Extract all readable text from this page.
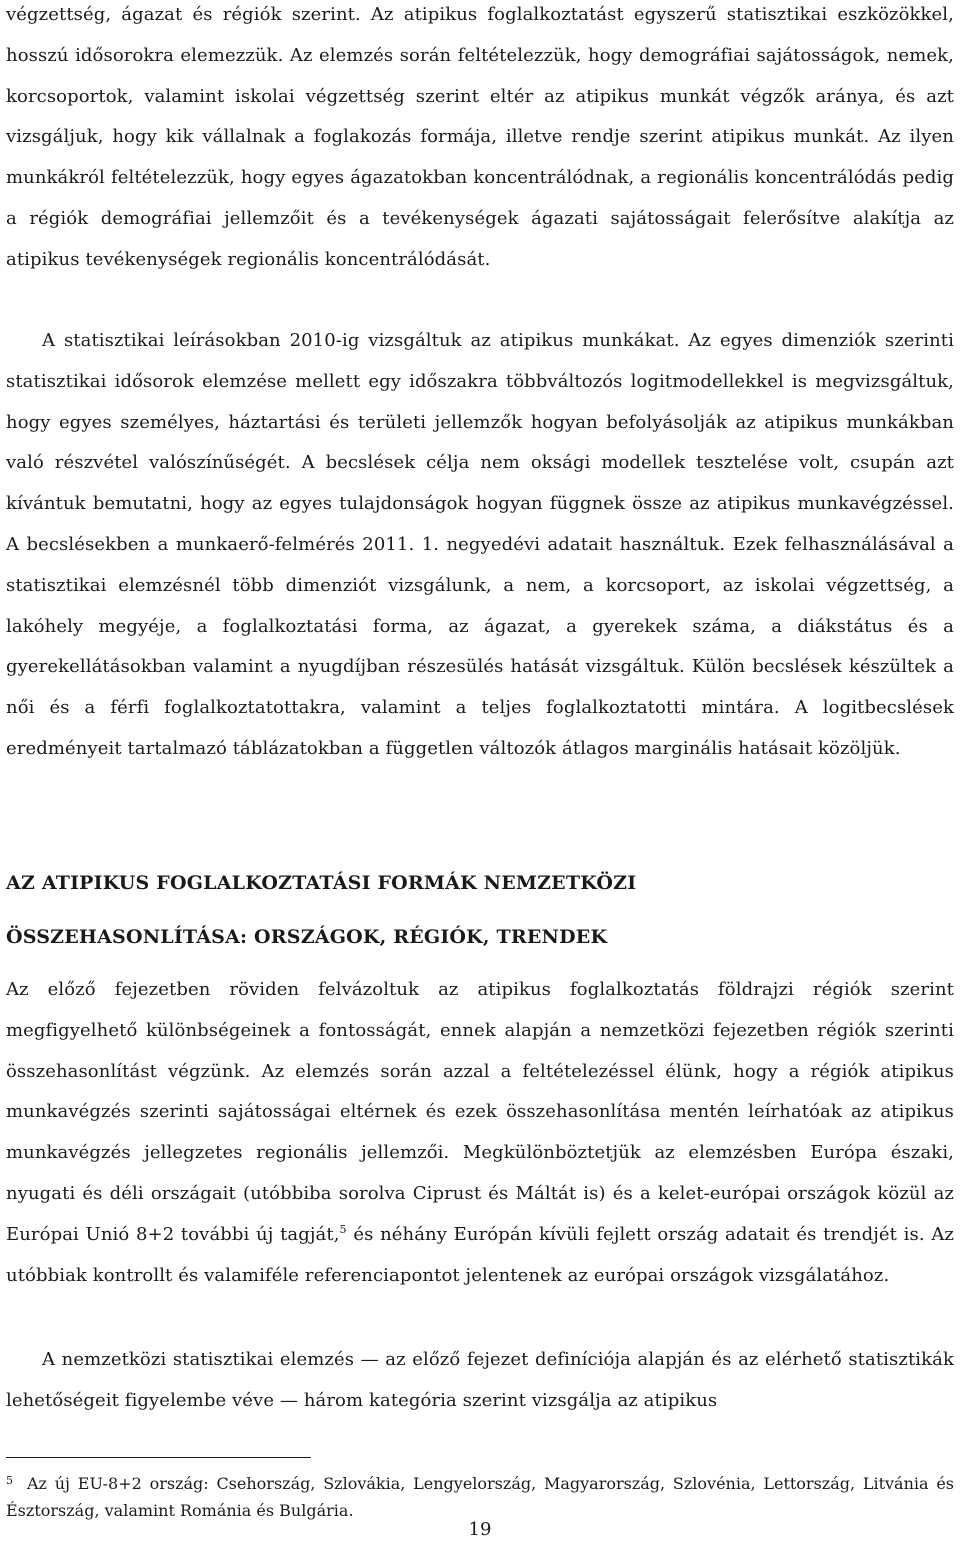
végzettség, ágazat és régiók szerint. Az atipikus foglalkoztatást egyszerű statisztikai eszközökkel, hosszú idősorokra elemezzük. Az elemzés során feltételezzük, hogy demográfiai sajátosságok, nemek, korcsoportok, valamint iskolai végzettség szerint eltér az atipikus munkát végzők aránya, és azt vizsgáljuk, hogy kik vállalnak a foglakozás formája, illetve rendje szerint atipikus munkát. Az ilyen munkákról feltételezzük, hogy egyes ágazatokban koncentrálódnak, a regionális koncentrálódás pedig a régiók demográfiai jellemzőit és a tevékenységek ágazati sajátosságait felerősítve alakítja az atipikus tevékenységek regionális koncentrálódását.

A statisztikai leírásokban 2010-ig vizsgáltuk az atipikus munkákat. Az egyes dimenziók szerinti statisztikai idősorok elemzése mellett egy időszakra többváltozós logitmodellekkel is megvizsgáltuk, hogy egyes személyes, háztartási és területi jellemzők hogyan befolyásolják az atipikus munkákban való részvétel valószínűségét. A becslések célja nem oksági modellek tesztelése volt, csupán azt kívántuk bemutatni, hogy az egyes tulajdonságok hogyan függnek össze az atipikus munkavégzéssel. A becslésekben a munkaerő-felmérés 2011. 1. negyedévi adatait használtuk. Ezek felhasználásával a statisztikai elemzésnél több dimenziót vizsgálunk, a nem, a korcsoport, az iskolai végzettség, a lakóhely megyéje, a foglalkoztatási forma, az ágazat, a gyerekek száma, a diákstátus és a gyerekellátásokban valamint a nyugdíjban részesülés hatását vizsgáltuk. Külön becslések készültek a női és a férfi foglalkoztatottakra, valamint a teljes foglalkoztatotti mintára. A logitbecslések eredményeit tartalmazó táblázatokban a független változók átlagos marginális hatásait közöljük.

AZ ATIPIKUS FOGLALKOZTATÁSI FORMÁK NEMZETKÖZI
ÖSSZEHASONLÍTÁSA: ORSZÁGOK, RÉGIÓK, TRENDEK

Az előző fejezetben röviden felvázoltuk az atipikus foglalkoztatás földrajzi régiók szerint megfigyelhető különbségeinek a fontosságát, ennek alapján a nemzetközi fejezetben régiók szerinti összehasonlítást végzünk. Az elemzés során azzal a feltételezéssel élünk, hogy a régiók atipikus munkavégzés szerinti sajátosságai eltérnek és ezek összehasonlítása mentén leírhatóak az atipikus munkavégzés jellegzetes regionális jellemzői. Megkülönböztetjük az elemzésben Európa északi, nyugati és déli országait (utóbbiba sorolva Ciprust és Máltát is) és a kelet-európai országok közül az Európai Unió 8+2 további új tagját,$^5$ és néhány Európán kívüli fejlett ország adatait és trendjét is. Az utóbbiak kontrollt és valamiféle referenciapontot jelentenek az európai országok vizsgálatához.

A nemzetközi statisztikai elemzés — az előző fejezet definíciója alapján és az elérhető statisztikák lehetőségeit figyelembe véve — három kategória szerint vizsgálja az atipikus

$^5$ Az új EU-8+2 ország: Csehország, Szlovákia, Lengyelország, Magyarország, Szlovénia, Lettország, Litvánia és Észtország, valamint Románia és Bulgária.

19
